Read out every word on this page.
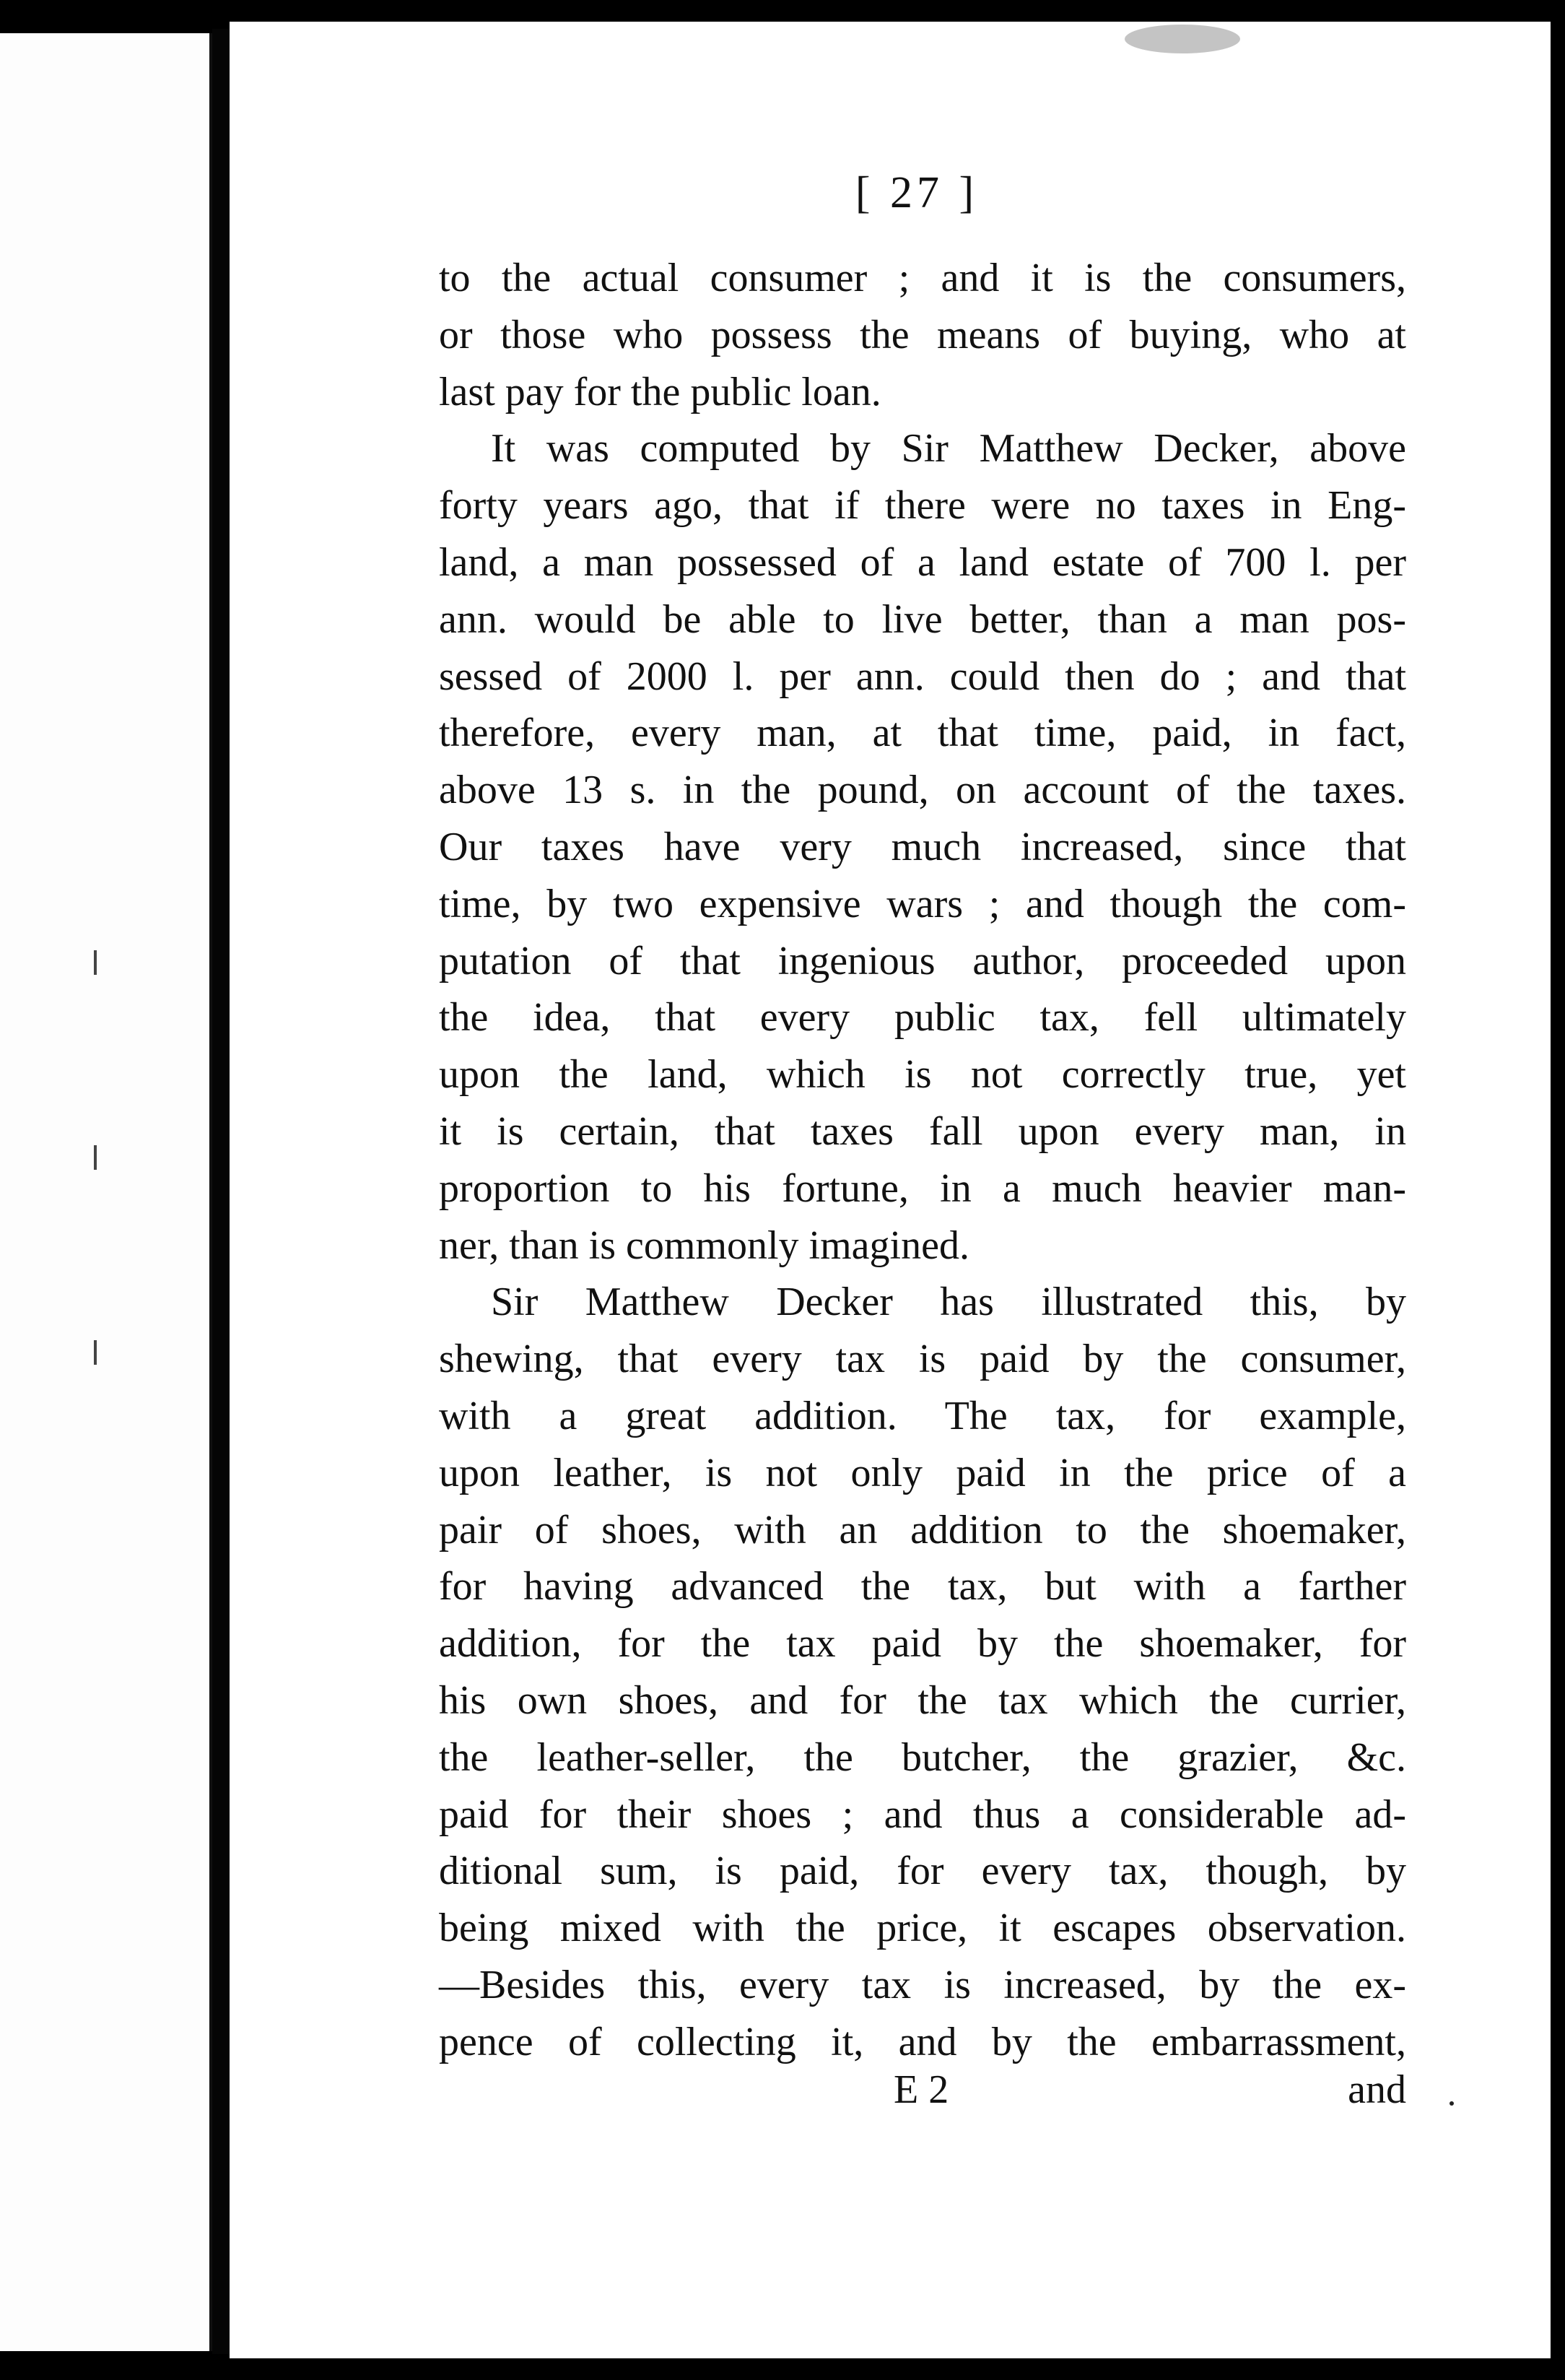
[ 27 ]
to the actual consumer ; and it is the consumers,
or those who possess the means of buying, who at
last pay for the public loan.
It was computed by Sir Matthew Decker, above
forty years ago, that if there were no taxes in Eng-
land, a man possessed of a land estate of 700 l. per
ann. would be able to live better, than a man pos-
sessed of 2000 l. per ann. could then do ; and that
therefore, every man, at that time, paid, in fact,
above 13 s. in the pound, on account of the taxes.
Our taxes have very much increased, since that
time, by two expensive wars ; and though the com-
putation of that ingenious author, proceeded upon
the idea, that every public tax, fell ultimately
upon the land, which is not correctly true, yet
it is certain, that taxes fall upon every man, in
proportion to his fortune, in a much heavier man-
ner, than is commonly imagined.
Sir Matthew Decker has illustrated this, by
shewing, that every tax is paid by the consumer,
with a great addition. The tax, for example,
upon leather, is not only paid in the price of a
pair of shoes, with an addition to the shoemaker,
for having advanced the tax, but with a farther
addition, for the tax paid by the shoemaker, for
his own shoes, and for the tax which the currier,
the leather-seller, the butcher, the grazier, &c.
paid for their shoes ; and thus a considerable ad-
ditional sum, is paid, for every tax, though, by
being mixed with the price, it escapes observation.
—Besides this, every tax is increased, by the ex-
pence of collecting it, and by the embarrassment,
E 2	and
